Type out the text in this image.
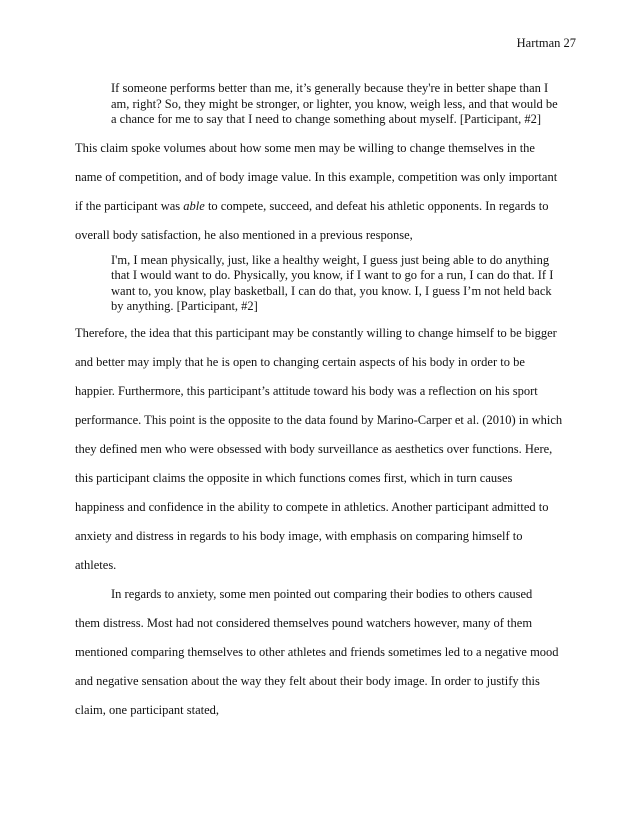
Hartman 27
If someone performs better than me, it’s generally because they're in better shape than I
am, right? So, they might be stronger, or lighter, you know, weigh less, and that would be
a chance for me to say that I need to change something about myself. [Participant, #2]
This claim spoke volumes about how some men may be willing to change themselves in the
name of competition, and of body image value. In this example, competition was only important
if the participant was able to compete, succeed, and defeat his athletic opponents. In regards to
overall body satisfaction, he also mentioned in a previous response,
I'm, I mean physically, just, like a healthy weight, I guess just being able to do anything
that I would want to do. Physically, you know, if I want to go for a run, I can do that. If I
want to, you know, play basketball, I can do that, you know. I, I guess I’m not held back
by anything. [Participant, #2]
Therefore, the idea that this participant may be constantly willing to change himself to be bigger
and better may imply that he is open to changing certain aspects of his body in order to be
happier. Furthermore, this participant’s attitude toward his body was a reflection on his sport
performance. This point is the opposite to the data found by Marino-Carper et al. (2010) in which
they defined men who were obsessed with body surveillance as aesthetics over functions. Here,
this participant claims the opposite in which functions comes first, which in turn causes
happiness and confidence in the ability to compete in athletics. Another participant admitted to
anxiety and distress in regards to his body image, with emphasis on comparing himself to
athletes.
In regards to anxiety, some men pointed out comparing their bodies to others caused
them distress. Most had not considered themselves pound watchers however, many of them
mentioned comparing themselves to other athletes and friends sometimes led to a negative mood
and negative sensation about the way they felt about their body image. In order to justify this
claim, one participant stated,
